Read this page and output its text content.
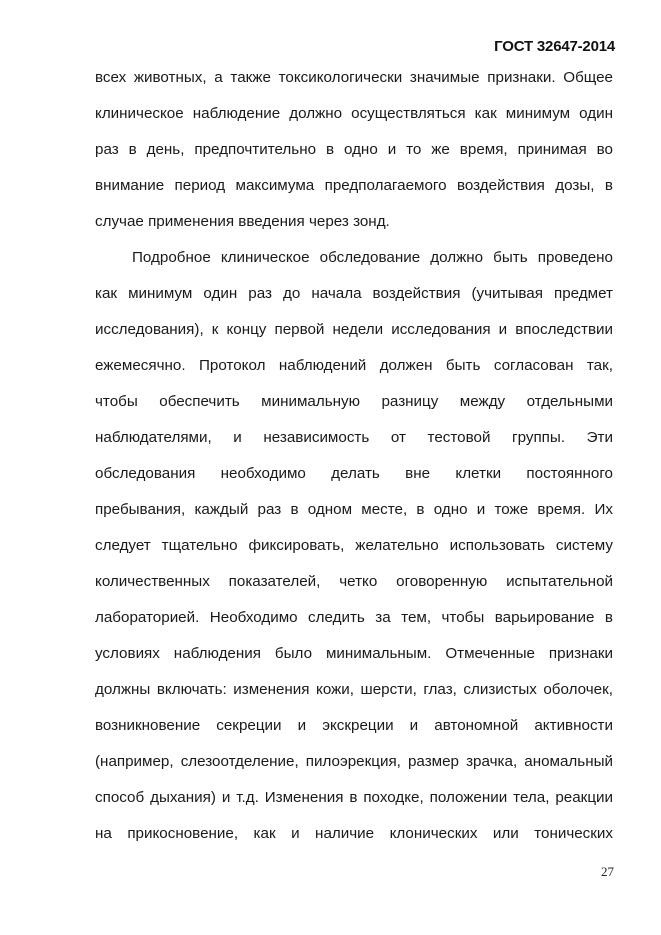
ГОСТ 32647-2014
всех животных, а также токсикологически значимые признаки. Общее
клиническое наблюдение должно осуществляться как минимум один
раз в день, предпочтительно в одно и то же время, принимая во
внимание период максимума предполагаемого воздействия дозы, в
случае применения введения через зонд.
Подробное клиническое обследование должно быть проведено
как минимум один раз до начала воздействия (учитывая предмет
исследования), к концу первой недели исследования и впоследствии
ежемесячно. Протокол наблюдений должен быть согласован так,
чтобы обеспечить минимальную разницу между отдельными
наблюдателями, и независимость от тестовой группы. Эти
обследования необходимо делать вне клетки постоянного
пребывания, каждый раз в одном месте, в одно и тоже время. Их
следует тщательно фиксировать, желательно использовать систему
количественных показателей, четко оговоренную испытательной
лабораторией. Необходимо следить за тем, чтобы варьирование в
условиях наблюдения было минимальным. Отмеченные признаки
должны включать: изменения кожи, шерсти, глаз, слизистых оболочек,
возникновение секреции и экскреции и автономной активности
(например, слезоотделение, пилоэрекция, размер зрачка, аномальный
способ дыхания) и т.д. Изменения в походке, положении тела, реакции
на прикосновение, как и наличие клонических или тонических
27
